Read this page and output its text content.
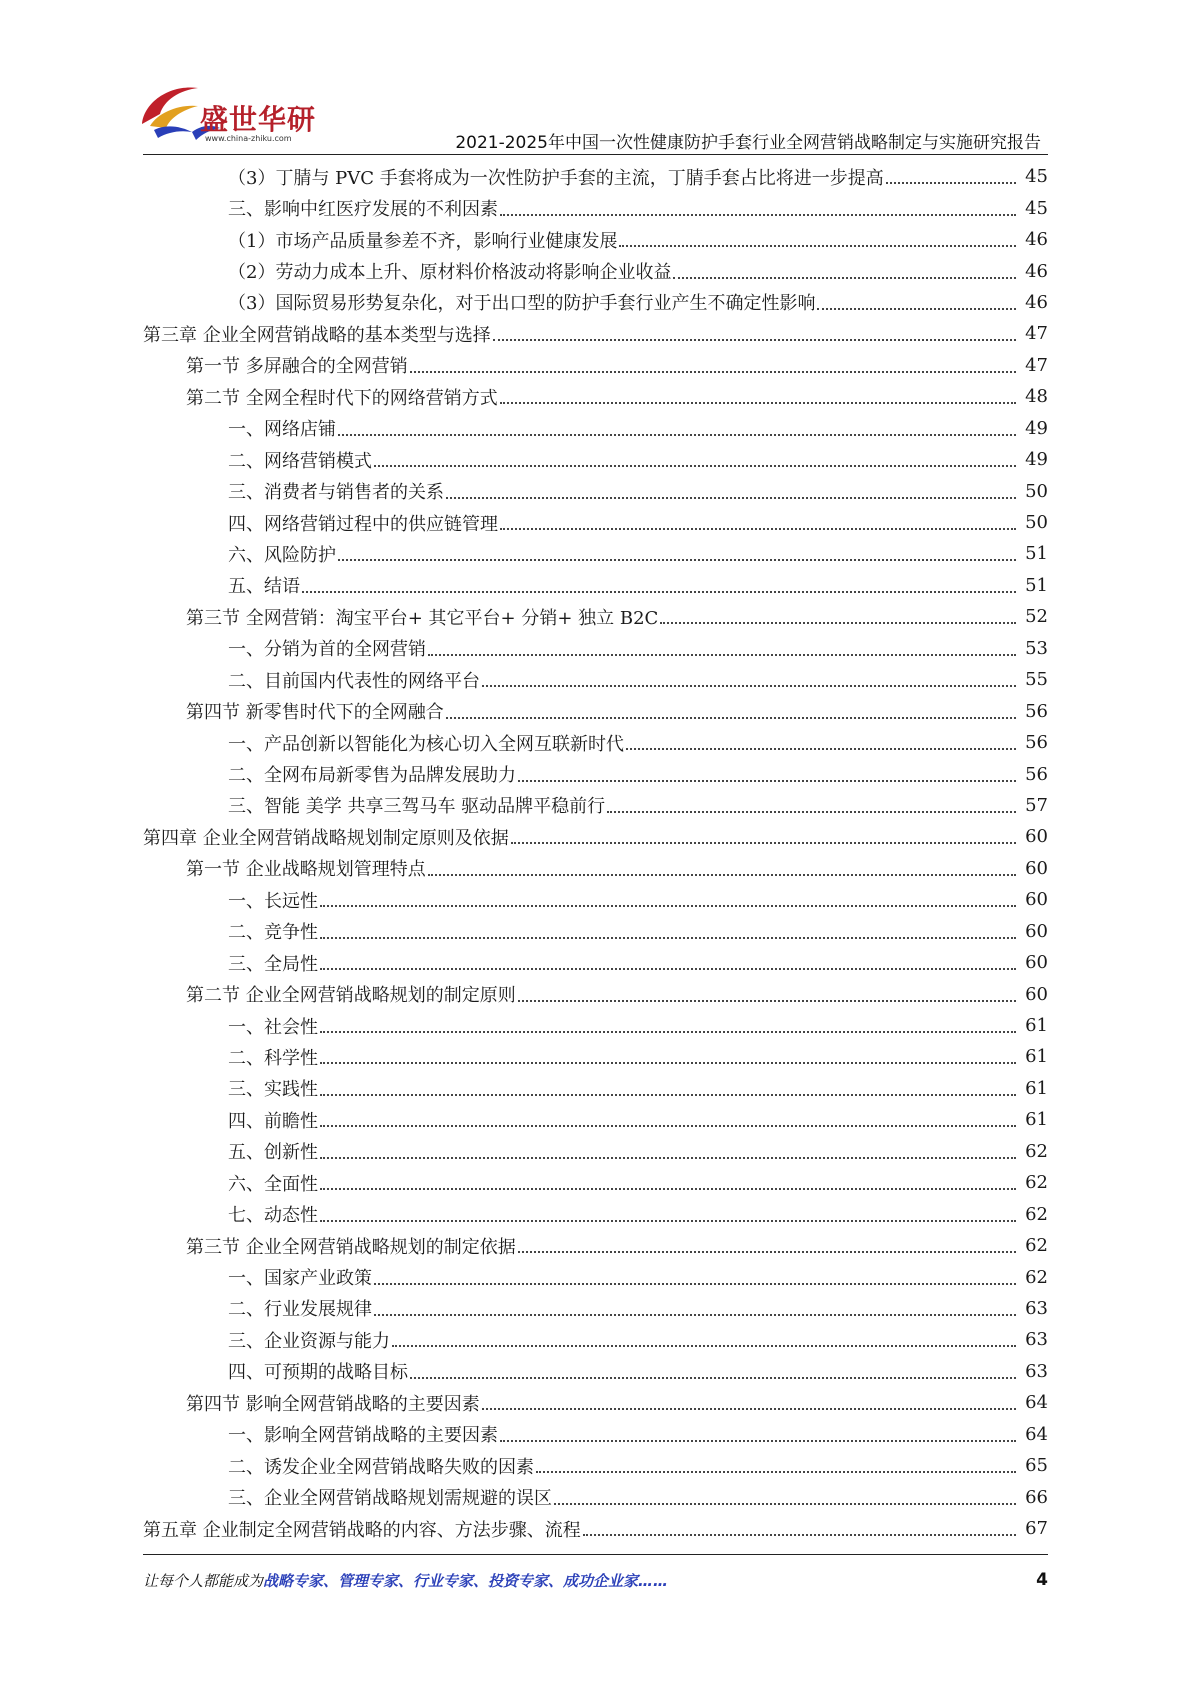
盛世华研
www.china-zhiku.com	2021-2025年中国一次性健康防护手套行业全网营销战略制定与实施研究报告
（3）丁腈与 PVC 手套将成为一次性防护手套的主流，丁腈手套占比将进一步提高	45
三、影响中红医疗发展的不利因素	45
（1）市场产品质量参差不齐，影响行业健康发展	46
（2）劳动力成本上升、原材料价格波动将影响企业收益	46
（3）国际贸易形势复杂化，对于出口型的防护手套行业产生不确定性影响	46
第三章 企业全网营销战略的基本类型与选择	47
第一节 多屏融合的全网营销	47
第二节 全网全程时代下的网络营销方式	48
一、网络店铺	49
二、网络营销模式	49
三、消费者与销售者的关系	50
四、网络营销过程中的供应链管理	50
六、风险防护	51
五、结语	51
第三节 全网营销：淘宝平台+ 其它平台+ 分销+ 独立 B2C	52
一、分销为首的全网营销	53
二、目前国内代表性的网络平台	55
第四节 新零售时代下的全网融合	56
一、产品创新以智能化为核心切入全网互联新时代	56
二、全网布局新零售为品牌发展助力	56
三、智能 美学 共享三驾马车 驱动品牌平稳前行	57
第四章 企业全网营销战略规划制定原则及依据	60
第一节 企业战略规划管理特点	60
一、长远性	60
二、竞争性	60
三、全局性	60
第二节 企业全网营销战略规划的制定原则	60
一、社会性	61
二、科学性	61
三、实践性	61
四、前瞻性	61
五、创新性	62
六、全面性	62
七、动态性	62
第三节 企业全网营销战略规划的制定依据	62
一、国家产业政策	62
二、行业发展规律	63
三、企业资源与能力	63
四、可预期的战略目标	63
第四节 影响全网营销战略的主要因素	64
一、影响全网营销战略的主要因素	64
二、诱发企业全网营销战略失败的因素	65
三、企业全网营销战略规划需规避的误区	66
第五章 企业制定全网营销战略的内容、方法步骤、流程	67
让每个人都能成为战略专家、管理专家、行业专家、投资专家、成功企业家……	4
